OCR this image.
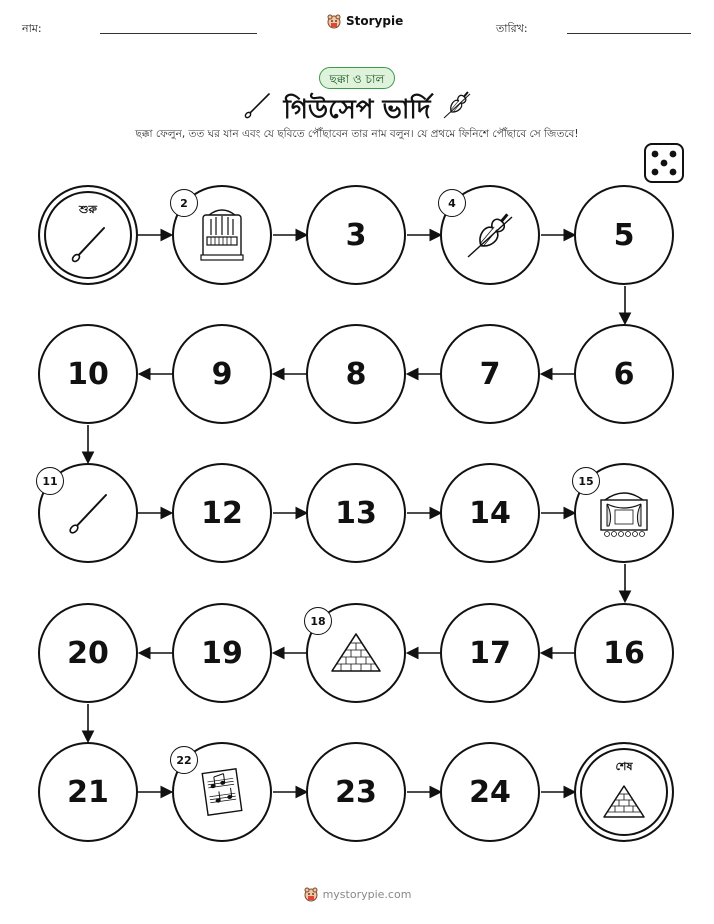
নাম:
Storypie
তারিখ:
ছক্কা ও চাল
গিউসেপ ভার্দি
ছক্কা ফেলুন, তত ঘর যান এবং যে ছবিতে পৌঁছাবেন তার নাম বলুন। যে প্রথমে ফিনিশে পৌঁছাবে সে জিতবে!
শুরু	2
3
4
5
10	9	8	7	6
11
12	13	14
15
20	19
18
17	16
21
22
23	24
শেষ
mystorypie.com
